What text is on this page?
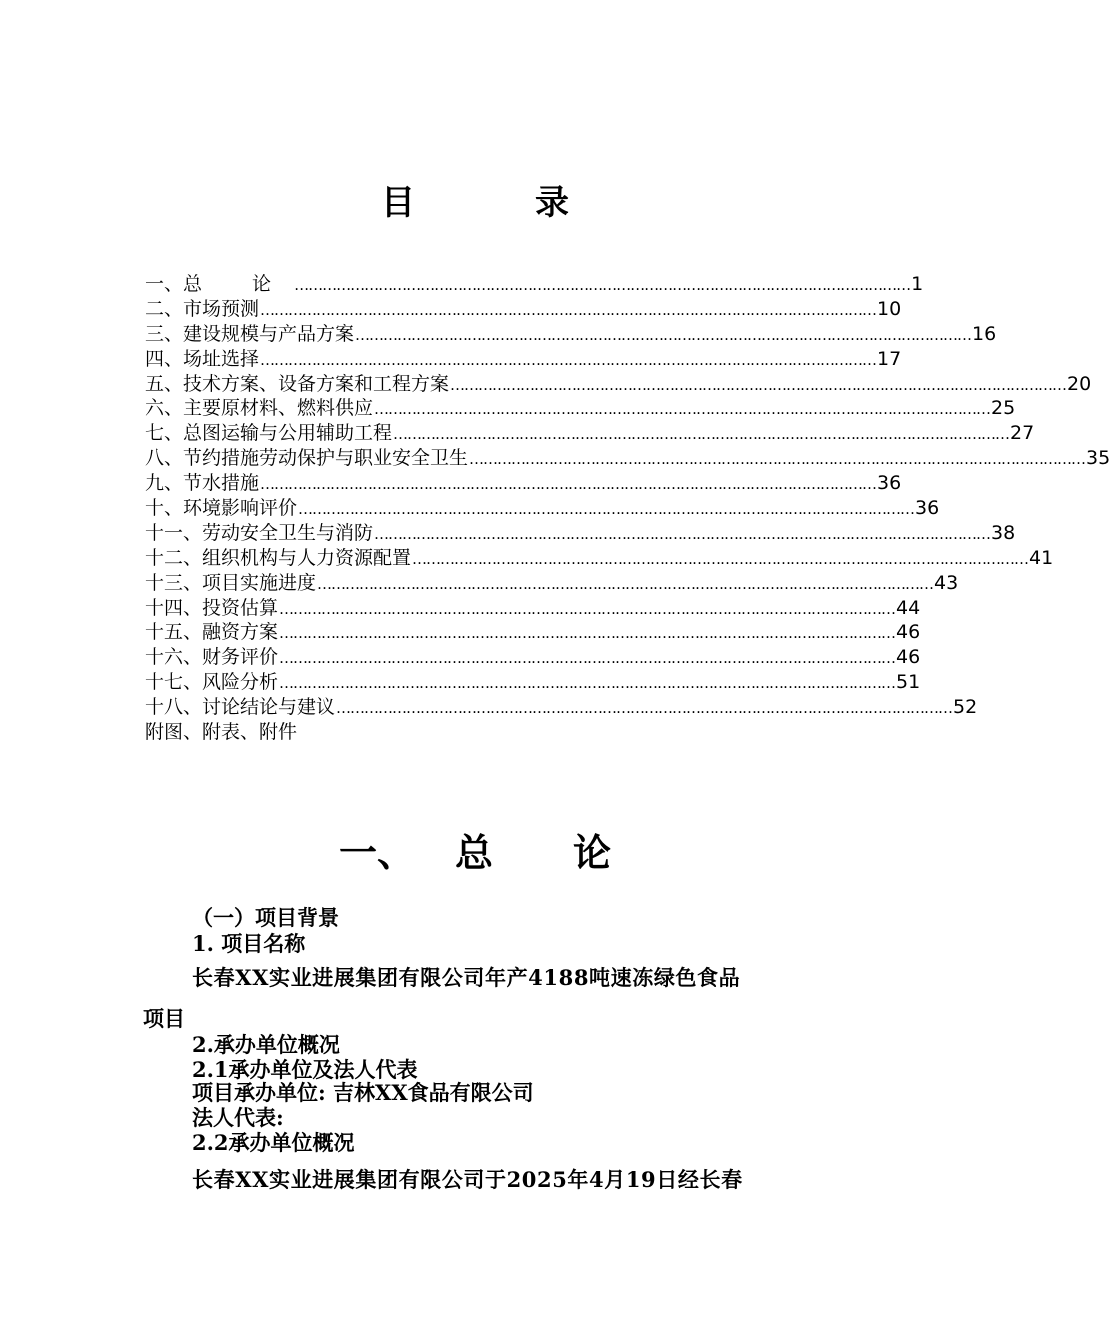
目	录
一、 总 论 …………………………………………………………………………………………………………………… 1
二、 市场预测 …………………………………………………………………………………………………………………… 10
三、 建设规模与产品方案 …………………………………………………………………………………………………………………… 16
四、 场址选择 …………………………………………………………………………………………………………………… 17
五、 技术方案、设备方案和工程方案 …………………………………………………………………………………………………………………… 20
六、 主要原材料、燃料供应 …………………………………………………………………………………………………………………… 25
七、 总图运输与公用辅助工程 …………………………………………………………………………………………………………………… 27
八、 节约措施劳动保护与职业安全卫生 …………………………………………………………………………………………………………………… 35
九、 节水措施 …………………………………………………………………………………………………………………… 36
十、 环境影响评价 …………………………………………………………………………………………………………………… 36
十一、 劳动安全卫生与消防 …………………………………………………………………………………………………………………… 38
十二、 组织机构与人力资源配置 …………………………………………………………………………………………………………………… 41
十三、 项目实施进度 …………………………………………………………………………………………………………………… 43
十四、 投资估算 …………………………………………………………………………………………………………………… 44
十五、 融资方案 …………………………………………………………………………………………………………………… 46
十六、 财务评价 …………………………………………………………………………………………………………………… 46
十七、 风险分析 …………………………………………………………………………………………………………………… 51
十八、 讨论结论与建议 …………………………………………………………………………………………………………………… 52
附图、附表、附件
一、 总 论
（一）项目背景
1. 项目名称
长春XX实业进展集团有限公司年产4188吨速冻绿色食品
项目
2.承办单位概况
2.1承办单位及法人代表
项目承办单位: 吉林XX食品有限公司
法人代表:
2.2承办单位概况
长春XX实业进展集团有限公司于2025年4月19日经长春
